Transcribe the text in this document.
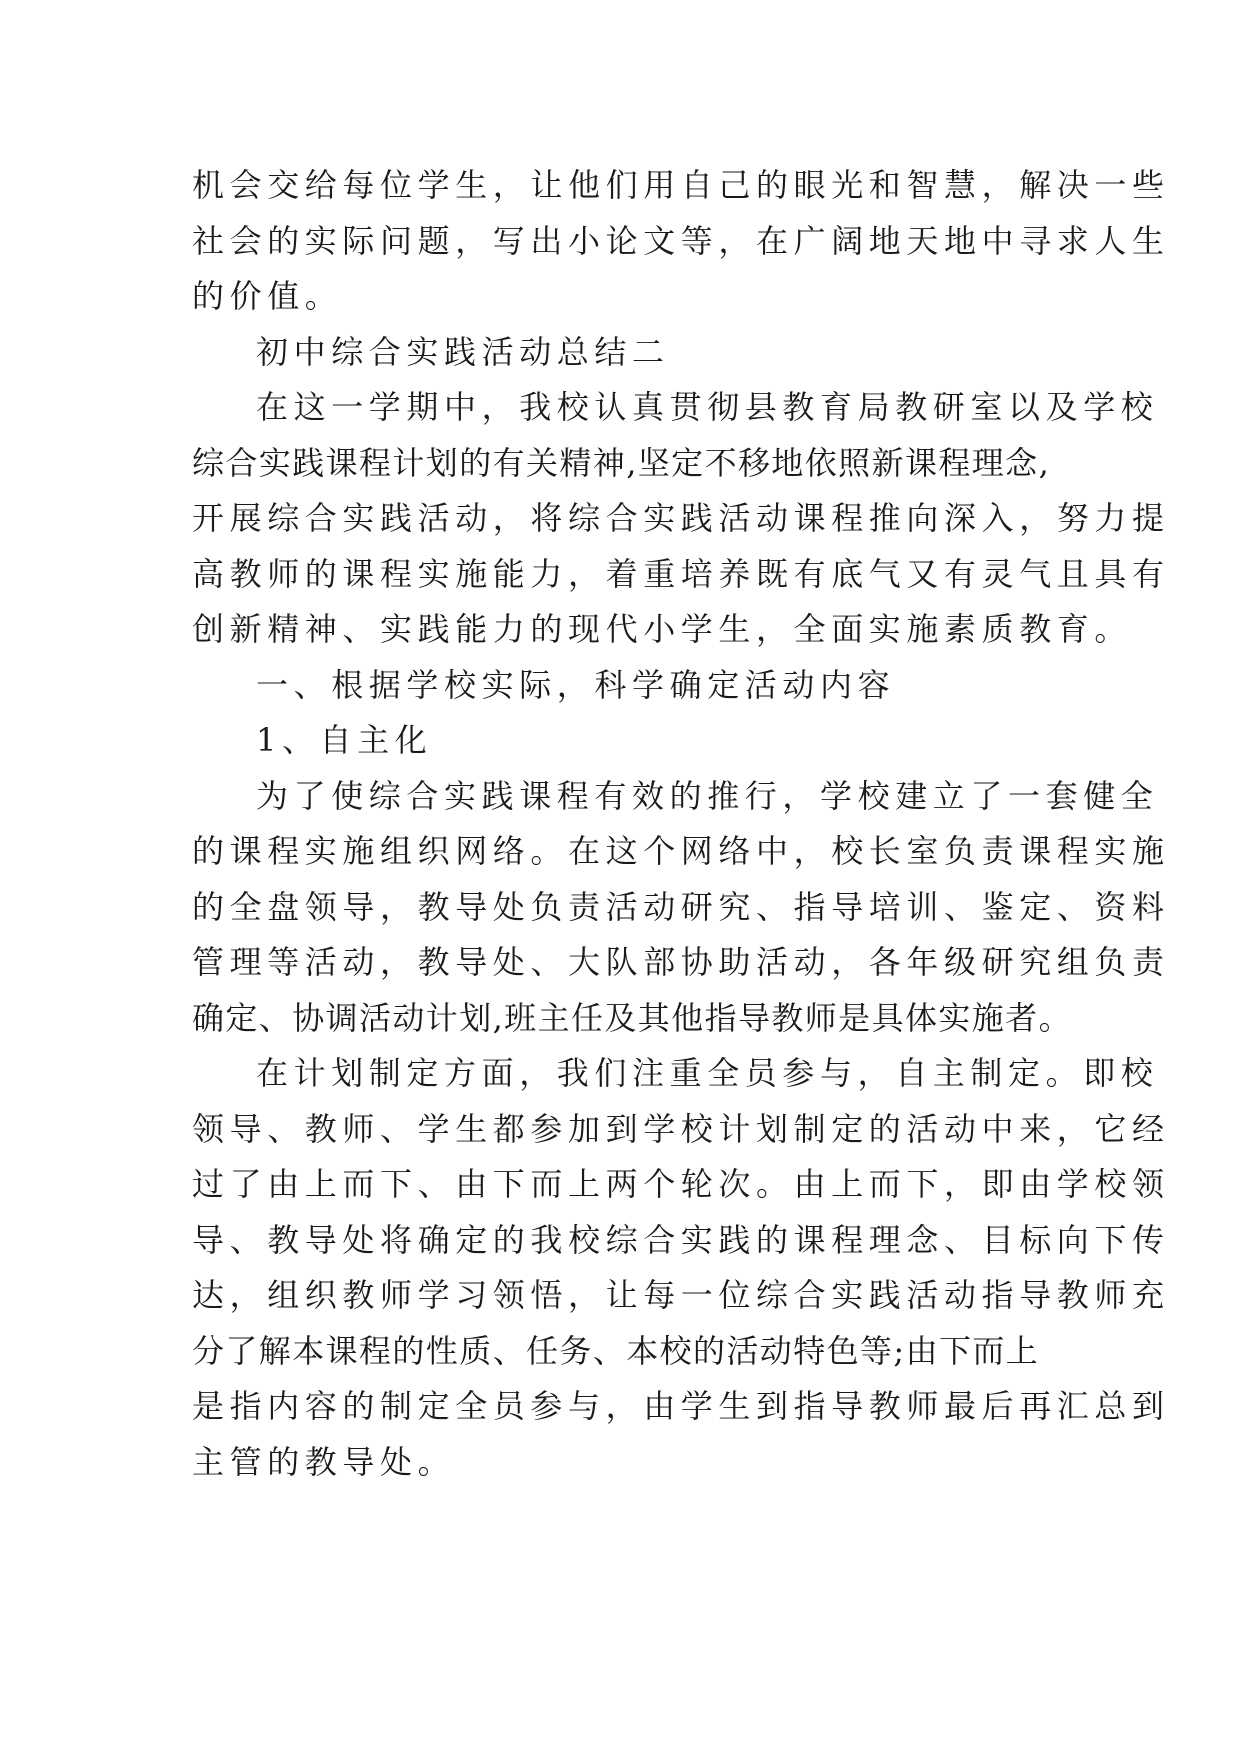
机会交给每位学生，让他们用自己的眼光和智慧，解决一些
社会的实际问题，写出小论文等，在广阔地天地中寻求人生
的价值。
初中综合实践活动总结二
在这一学期中，我校认真贯彻县教育局教研室以及学校
综合实践课程计划的有关精神,坚定不移地依照新课程理念,
开展综合实践活动，将综合实践活动课程推向深入，努力提
高教师的课程实施能力，着重培养既有底气又有灵气且具有
创新精神、实践能力的现代小学生，全面实施素质教育。
一、根据学校实际，科学确定活动内容
1、自主化
为了使综合实践课程有效的推行，学校建立了一套健全
的课程实施组织网络。在这个网络中，校长室负责课程实施
的全盘领导，教导处负责活动研究、指导培训、鉴定、资料
管理等活动，教导处、大队部协助活动，各年级研究组负责
确定、协调活动计划,班主任及其他指导教师是具体实施者。
在计划制定方面，我们注重全员参与，自主制定。即校
领导、教师、学生都参加到学校计划制定的活动中来，它经
过了由上而下、由下而上两个轮次。由上而下，即由学校领
导、教导处将确定的我校综合实践的课程理念、目标向下传
达，组织教师学习领悟，让每一位综合实践活动指导教师充
分了解本课程的性质、任务、本校的活动特色等;由下而上
是指内容的制定全员参与，由学生到指导教师最后再汇总到
主管的教导处。
